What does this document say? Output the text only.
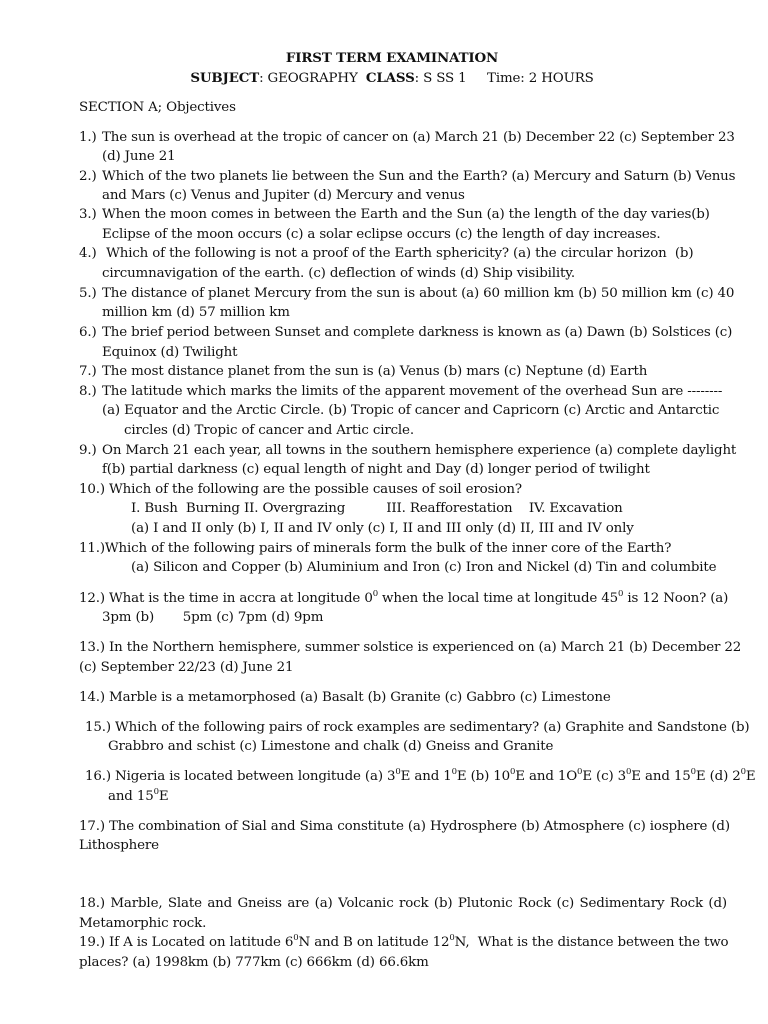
FIRST TERM EXAMINATION
SUBJECT: GEOGRAPHY  CLASS: S SS 1     Time: 2 HOURS
SECTION A; Objectives
1.) The sun is overhead at the tropic of cancer on (a) March 21 (b) December 22 (c) September 23
(d) June 21
2.) Which of the two planets lie between the Sun and the Earth? (a) Mercury and Saturn (b) Venus
and Mars (c) Venus and Jupiter (d) Mercury and venus
3.) When the moon comes in between the Earth and the Sun (a) the length of the day varies(b)
Eclipse of the moon occurs (c) a solar eclipse occurs (c) the length of day increases.
4.) Which of the following is not a proof of the Earth sphericity? (a) the circular horizon  (b)
circumnavigation of the earth. (c) deflection of winds (d) Ship visibility.
5.) The distance of planet Mercury from the sun is about (a) 60 million km (b) 50 million km (c) 40
million km (d) 57 million km
6.) The brief period between Sunset and complete darkness is known as (a) Dawn (b) Solstices (c)
Equinox (d) Twilight
7.) The most distance planet from the sun is (a) Venus (b) mars (c) Neptune (d) Earth
8.) The latitude which marks the limits of the apparent movement of the overhead Sun are --------
(a) Equator and the Arctic Circle. (b) Tropic of cancer and Capricorn (c) Arctic and Antarctic
circles (d) Tropic of cancer and Artic circle.
9.) On March 21 each year, all towns in the southern hemisphere experience (a) complete daylight
f(b) partial darkness (c) equal length of night and Day (d) longer period of twilight
10.) Which of the following are the possible causes of soil erosion?
I. Bush  Burning II. Overgrazing          III. Reafforestation    IV. Excavation
(a) I and II only (b) I, II and IV only (c) I, II and III only (d) II, III and IV only
11.)Which of the following pairs of minerals form the bulk of the inner core of the Earth?
(a) Silicon and Copper (b) Aluminium and Iron (c) Iron and Nickel (d) Tin and columbite
12.) What is the time in accra at longitude $0^0$ when the local time at longitude $45^0$ is 12 Noon? (a)
3pm (b)       5pm (c) 7pm (d) 9pm
13.) In the Northern hemisphere, summer solstice is experienced on (a) March 21 (b) December 22
(c) September 22/23 (d) June 21
14.) Marble is a metamorphosed (a) Basalt (b) Granite (c) Gabbro (c) Limestone
15.) Which of the following pairs of rock examples are sedimentary? (a) Graphite and Sandstone (b)
Grabbro and schist (c) Limestone and chalk (d) Gneiss and Granite
16.) Nigeria is located between longitude (a) $3^0E$ and $1^0E$ (b) $10^0E$ and $1O^0E$ (c) $3^0E$ and $15^0E$ (d) $2^0E$
and $15^0E$
17.) The combination of Sial and Sima constitute (a) Hydrosphere (b) Atmosphere (c) iosphere (d)
Lithosphere
18.) Marble, Slate and Gneiss are (a) Volcanic rock (b) Plutonic Rock (c) Sedimentary Rock (d)
Metamorphic rock.
19.) If A is Located on latitude $6^0N$ and B on latitude $12^0N$,  What is the distance between the two
places? (a) 1998km (b) 777km (c) 666km (d) 66.6km
